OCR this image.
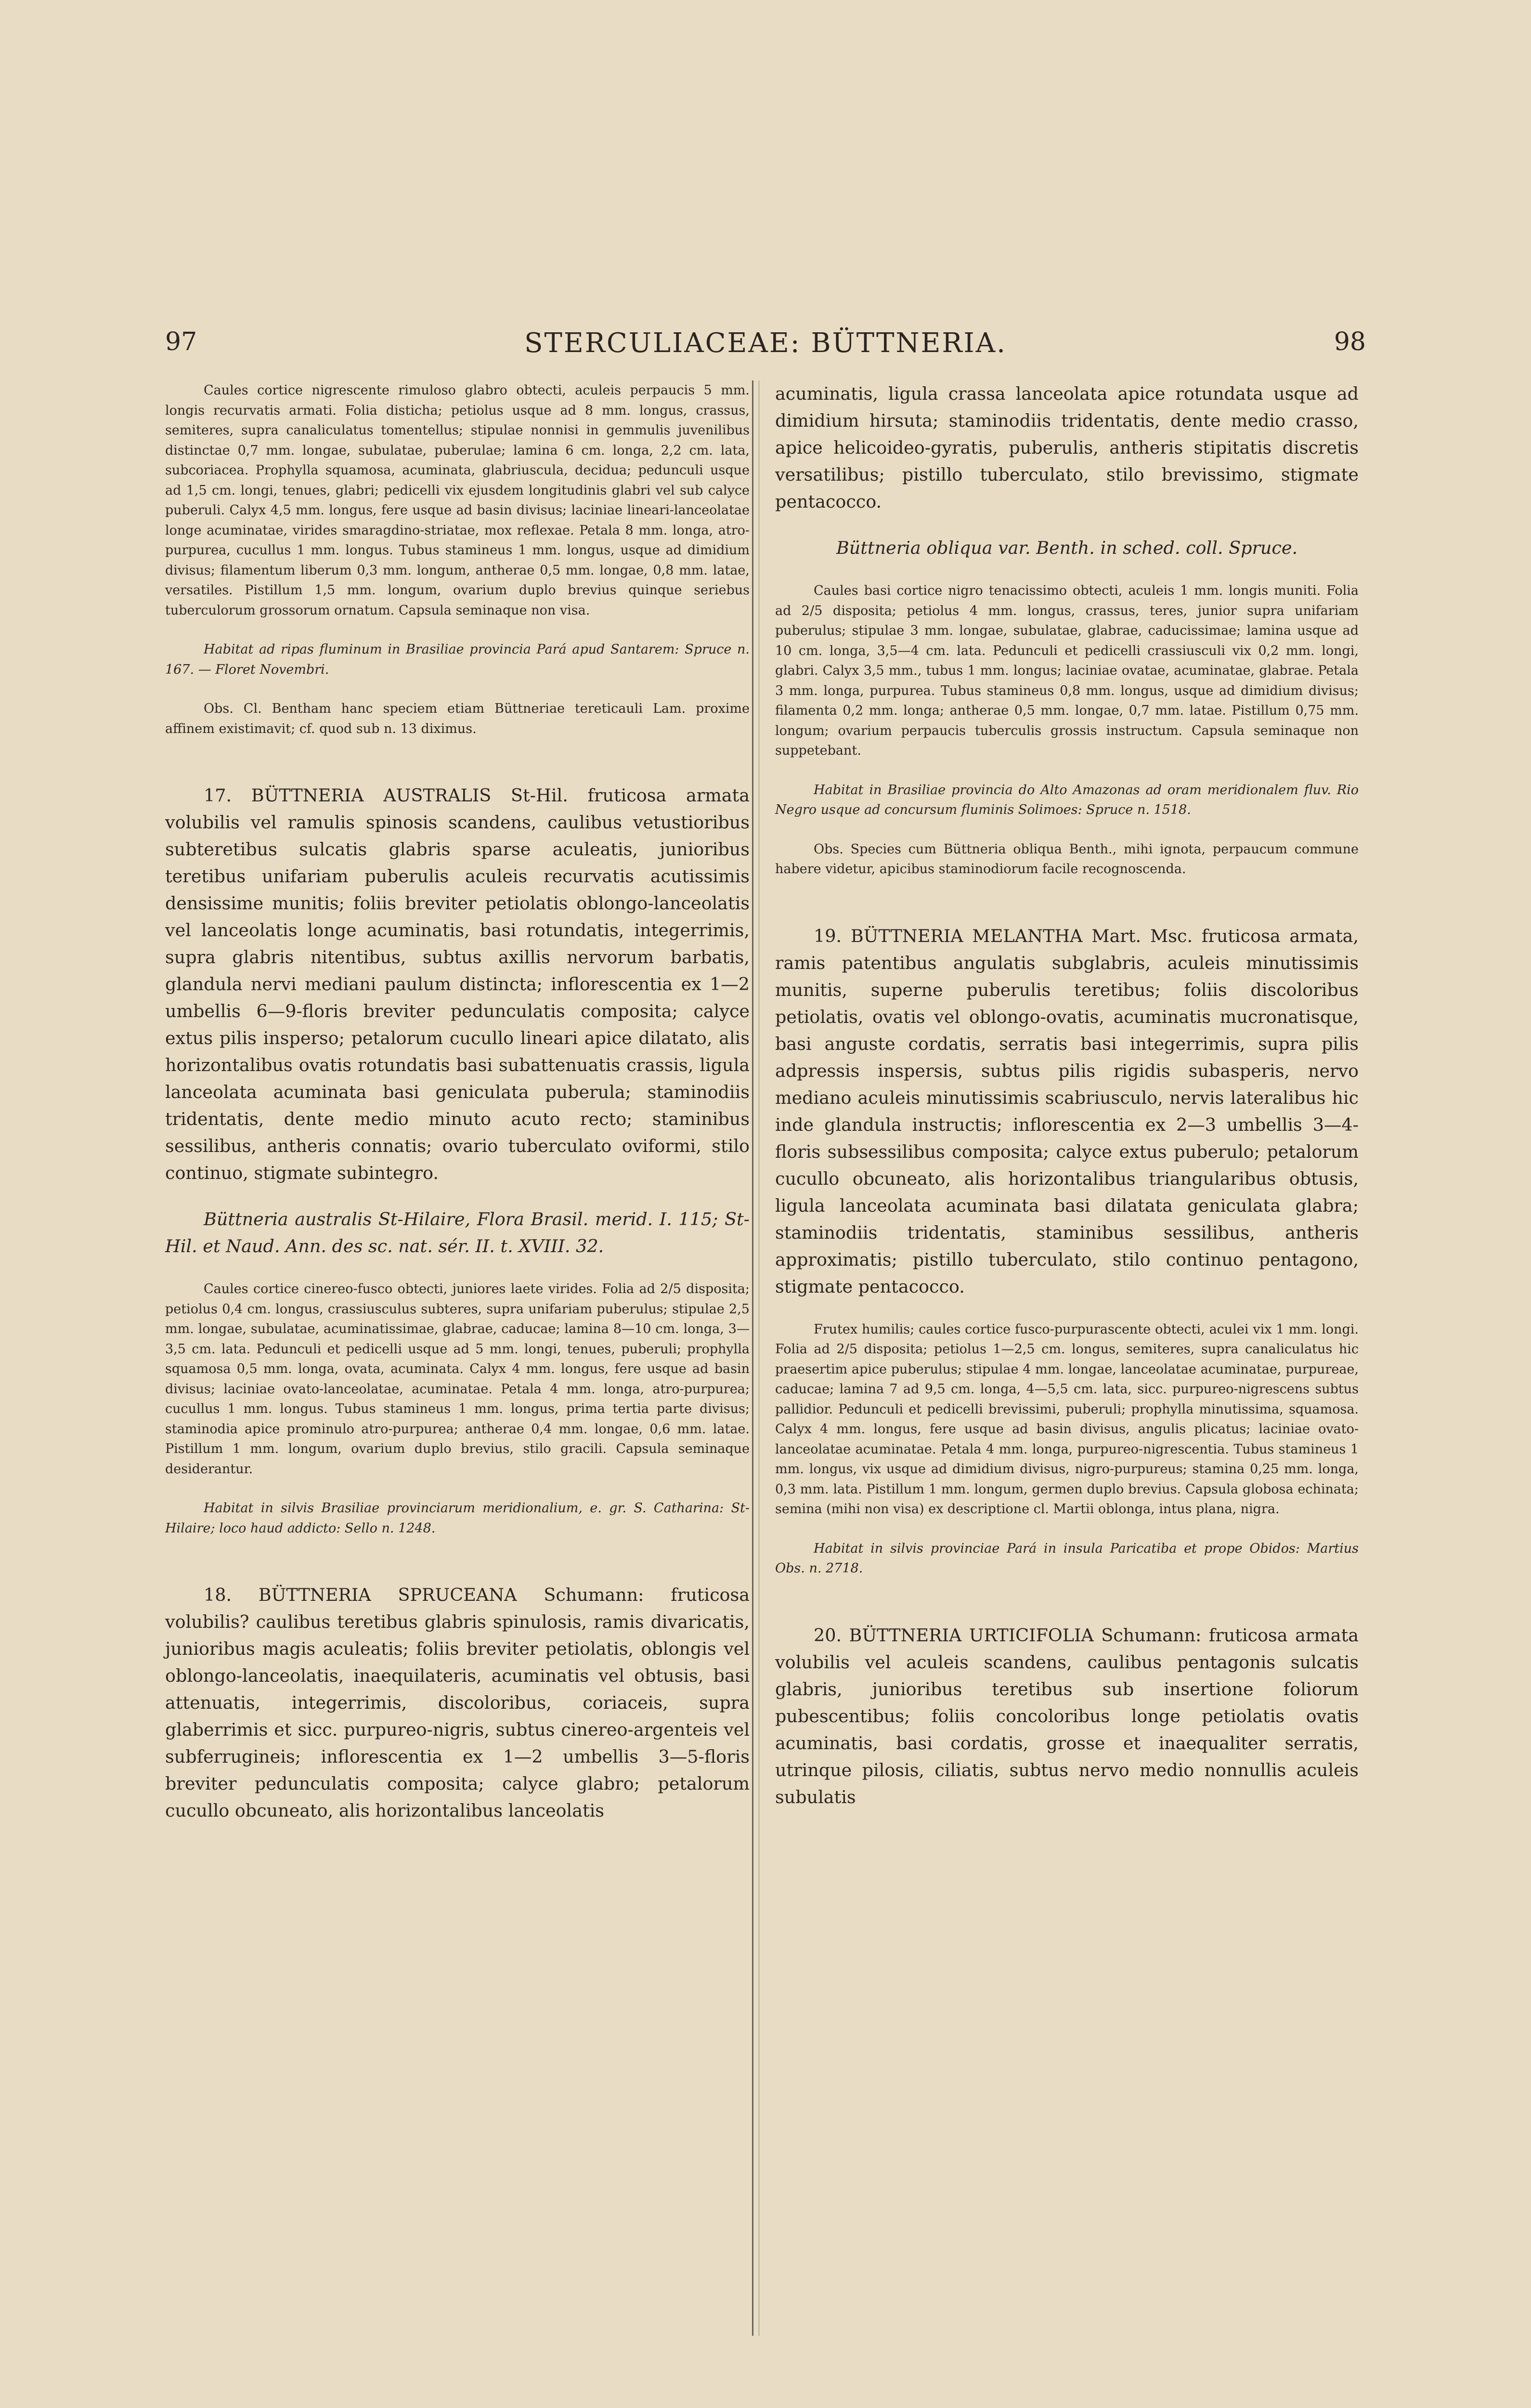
97	STERCULIACEAE: BÜTTNERIA.	98

Caules cortice nigrescente rimuloso glabro obtecti, aculeis perpaucis 5 mm. longis recurvatis armati. Folia disticha; petiolus usque ad 8 mm. longus, crassus, semiteres, supra canaliculatus tomentellus; stipulae nonnisi in gemmulis juvenilibus distinctae 0,7 mm. longae, subulatae, puberulae; lamina 6 cm. longa, 2,2 cm. lata, subcoriacea. Prophylla squamosa, acuminata, glabriuscula, decidua; pedunculi usque ad 1,5 cm. longi, tenues, glabri; pedicelli vix ejusdem longitudinis glabri vel sub calyce puberuli. Calyx 4,5 mm. longus, fere usque ad basin divisus; laciniae lineari-lanceolatae longe acuminatae, virides smaragdino-striatae, mox reflexae. Petala 8 mm. longa, atro-purpurea, cucullus 1 mm. longus. Tubus stamineus 1 mm. longus, usque ad dimidium divisus; filamentum liberum 0,3 mm. longum, antherae 0,5 mm. longae, 0,8 mm. latae, versatiles. Pistillum 1,5 mm. longum, ovarium duplo brevius quinque seriebus tuberculorum grossorum ornatum. Capsula seminaque non visa.

Habitat ad ripas fluminum in Brasiliae provincia Pará apud Santarem: Spruce n. 167. — Floret Novembri.

Obs. Cl. Bentham hanc speciem etiam Büttneriae tereticauli Lam. proxime affinem existimavit; cf. quod sub n. 13 diximus.

17. BÜTTNERIA AUSTRALIS St-Hil. fruticosa armata volubilis vel ramulis spinosis scandens, caulibus vetustioribus subteretibus sulcatis glabris sparse aculeatis, junioribus teretibus unifariam puberulis aculeis recurvatis acutissimis densissime munitis; foliis breviter petiolatis oblongo-lanceolatis vel lanceolatis longe acuminatis, basi rotundatis, integerrimis, supra glabris nitentibus, subtus axillis nervorum barbatis, glandula nervi mediani paulum distincta; inflorescentia ex 1—2 umbellis 6—9-floris breviter pedunculatis composita; calyce extus pilis insperso; petalorum cucullo lineari apice dilatato, alis horizontalibus ovatis rotundatis basi subattenuatis crassis, ligula lanceolata acuminata basi geniculata puberula; staminodiis tridentatis, dente medio minuto acuto recto; staminibus sessilibus, antheris connatis; ovario tuberculato oviformi, stilo continuo, stigmate subintegro.

Büttneria australis St-Hilaire, Flora Brasil. merid. I. 115; St-Hil. et Naud. Ann. des sc. nat. sér. II. t. XVIII. 32.

Caules cortice cinereo-fusco obtecti, juniores laete virides. Folia ad 2/5 disposita; petiolus 0,4 cm. longus, crassiusculus subteres, supra unifariam puberulus; stipulae 2,5 mm. longae, subulatae, acuminatissimae, glabrae, caducae; lamina 8—10 cm. longa, 3—3,5 cm. lata. Pedunculi et pedicelli usque ad 5 mm. longi, tenues, puberuli; prophylla squamosa 0,5 mm. longa, ovata, acuminata. Calyx 4 mm. longus, fere usque ad basin divisus; laciniae ovato-lanceolatae, acuminatae. Petala 4 mm. longa, atro-purpurea; cucullus 1 mm. longus. Tubus stamineus 1 mm. longus, prima tertia parte divisus; staminodia apice prominulo atro-purpurea; antherae 0,4 mm. longae, 0,6 mm. latae. Pistillum 1 mm. longum, ovarium duplo brevius, stilo gracili. Capsula seminaque desiderantur.

Habitat in silvis Brasiliae provinciarum meridionalium, e. gr. S. Catharina: St-Hilaire; loco haud addicto: Sello n. 1248.

18. BÜTTNERIA SPRUCEANA Schumann: fruticosa volubilis? caulibus teretibus glabris spinulosis, ramis divaricatis, junioribus magis aculeatis; foliis breviter petiolatis, oblongis vel oblongo-lanceolatis, inaequilateris, acuminatis vel obtusis, basi attenuatis, integerrimis, discoloribus, coriaceis, supra glaberrimis et sicc. purpureo-nigris, subtus cinereo-argenteis vel subferrugineis; inflorescentia ex 1—2 umbellis 3—5-floris breviter pedunculatis composita; calyce glabro; petalorum cucullo obcuneato, alis horizontalibus lanceolatis

acuminatis, ligula crassa lanceolata apice rotundata usque ad dimidium hirsuta; staminodiis tridentatis, dente medio crasso, apice helicoideo-gyratis, puberulis, antheris stipitatis discretis versatilibus; pistillo tuberculato, stilo brevissimo, stigmate pentacocco.

Büttneria obliqua var. Benth. in sched. coll. Spruce.

Caules basi cortice nigro tenacissimo obtecti, aculeis 1 mm. longis muniti. Folia ad 2/5 disposita; petiolus 4 mm. longus, crassus, teres, junior supra unifariam puberulus; stipulae 3 mm. longae, subulatae, glabrae, caducissimae; lamina usque ad 10 cm. longa, 3,5—4 cm. lata. Pedunculi et pedicelli crassiusculi vix 0,2 mm. longi, glabri. Calyx 3,5 mm., tubus 1 mm. longus; laciniae ovatae, acuminatae, glabrae. Petala 3 mm. longa, purpurea. Tubus stamineus 0,8 mm. longus, usque ad dimidium divisus; filamenta 0,2 mm. longa; antherae 0,5 mm. longae, 0,7 mm. latae. Pistillum 0,75 mm. longum; ovarium perpaucis tuberculis grossis instructum. Capsula seminaque non suppetebant.

Habitat in Brasiliae provincia do Alto Amazonas ad oram meridionalem fluv. Rio Negro usque ad concursum fluminis Solimoes: Spruce n. 1518.

Obs. Species cum Büttneria obliqua Benth., mihi ignota, perpaucum commune habere videtur, apicibus staminodiorum facile recognoscenda.

19. BÜTTNERIA MELANTHA Mart. Msc. fruticosa armata, ramis patentibus angulatis subglabris, aculeis minutissimis munitis, superne puberulis teretibus; foliis discoloribus petiolatis, ovatis vel oblongo-ovatis, acuminatis mucronatisque, basi anguste cordatis, serratis basi integerrimis, supra pilis adpressis inspersis, subtus pilis rigidis subasperis, nervo mediano aculeis minutissimis scabriusculo, nervis lateralibus hic inde glandula instructis; inflorescentia ex 2—3 umbellis 3—4-floris subsessilibus composita; calyce extus puberulo; petalorum cucullo obcuneato, alis horizontalibus triangularibus obtusis, ligula lanceolata acuminata basi dilatata geniculata glabra; staminodiis tridentatis, staminibus sessilibus, antheris approximatis; pistillo tuberculato, stilo continuo pentagono, stigmate pentacocco.

Frutex humilis; caules cortice fusco-purpurascente obtecti, aculei vix 1 mm. longi. Folia ad 2/5 disposita; petiolus 1—2,5 cm. longus, semiteres, supra canaliculatus hic praesertim apice puberulus; stipulae 4 mm. longae, lanceolatae acuminatae, purpureae, caducae; lamina 7 ad 9,5 cm. longa, 4—5,5 cm. lata, sicc. purpureo-nigrescens subtus pallidior. Pedunculi et pedicelli brevissimi, puberuli; prophylla minutissima, squamosa. Calyx 4 mm. longus, fere usque ad basin divisus, angulis plicatus; laciniae ovato-lanceolatae acuminatae. Petala 4 mm. longa, purpureo-nigrescentia. Tubus stamineus 1 mm. longus, vix usque ad dimidium divisus, nigro-purpureus; stamina 0,25 mm. longa, 0,3 mm. lata. Pistillum 1 mm. longum, germen duplo brevius. Capsula globosa echinata; semina (mihi non visa) ex descriptione cl. Martii oblonga, intus plana, nigra.

Habitat in silvis provinciae Pará in insula Paricatiba et prope Obidos: Martius Obs. n. 2718.

20. BÜTTNERIA URTICIFOLIA Schumann: fruticosa armata volubilis vel aculeis scandens, caulibus pentagonis sulcatis glabris, junioribus teretibus sub insertione foliorum pubescentibus; foliis concoloribus longe petiolatis ovatis acuminatis, basi cordatis, grosse et inaequaliter serratis, utrinque pilosis, ciliatis, subtus nervo medio nonnullis aculeis subulatis
